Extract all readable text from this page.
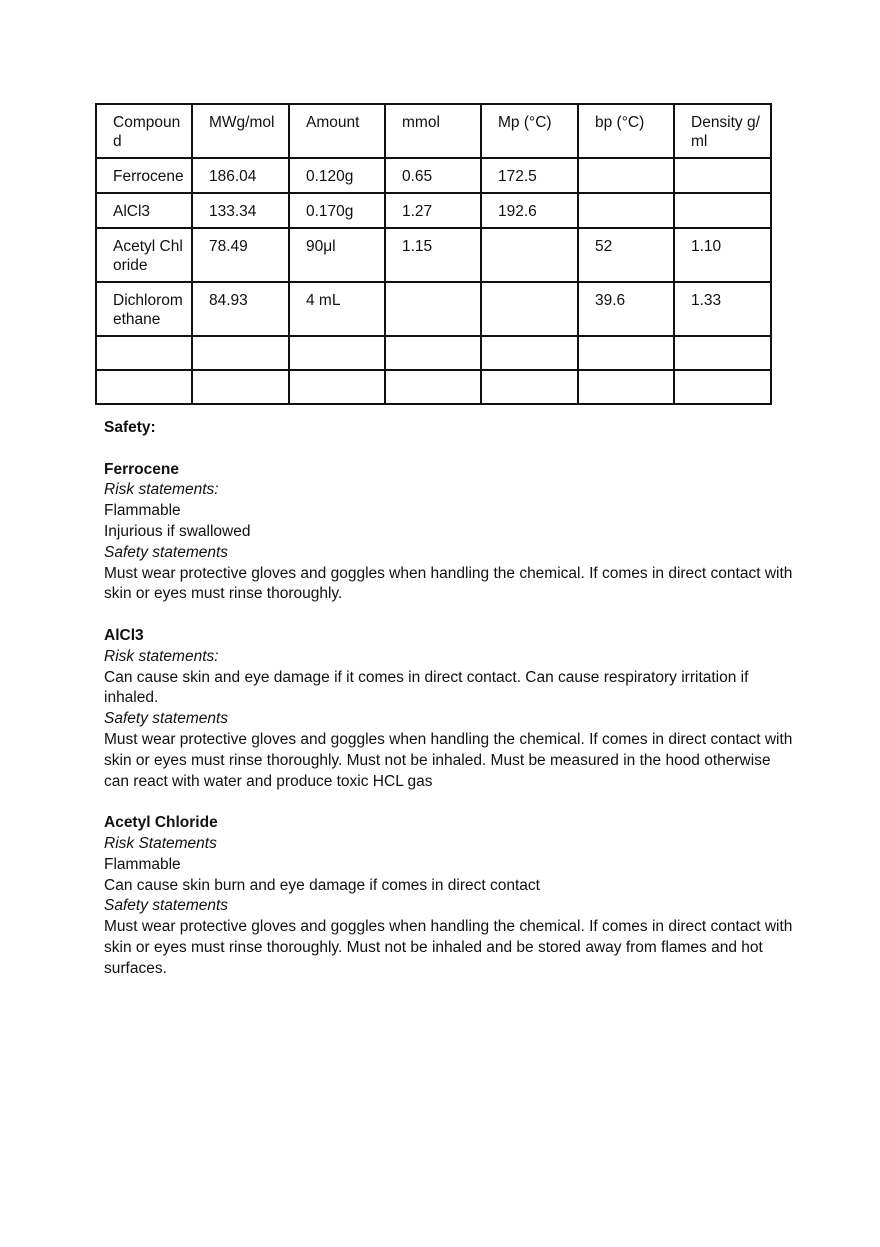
Compound	MWg/mol	Amount	mmol	Mp (°C)	bp (°C)	Density g/ml
Ferrocene	186.04	0.120g	0.65	172.5		
AlCl3	133.34	0.170g	1.27	192.6		
Acetyl Chloride	78.49	90μl	1.15		52	1.10
Dichloromethane	84.93	4 mL			39.6	1.33

Safety:

Ferrocene

Risk statements:

Flammable

Injurious if swallowed

Safety statements

Must wear protective gloves and goggles when handling the chemical. If comes in direct contact with skin or eyes must rinse thoroughly.

AlCl3

Risk statements:

Can cause skin and eye damage if it comes in direct contact. Can cause respiratory irritation if inhaled.

Safety statements

Must wear protective gloves and goggles when handling the chemical. If comes in direct contact with skin or eyes must rinse thoroughly. Must not be inhaled. Must be measured in the hood otherwise can react with water and produce toxic HCL gas

Acetyl Chloride

Risk Statements

Flammable

Can cause skin burn and eye damage if comes in direct contact

Safety statements

Must wear protective gloves and goggles when handling the chemical. If comes in direct contact with skin or eyes must rinse thoroughly. Must not be inhaled and be stored away from flames and hot surfaces.
